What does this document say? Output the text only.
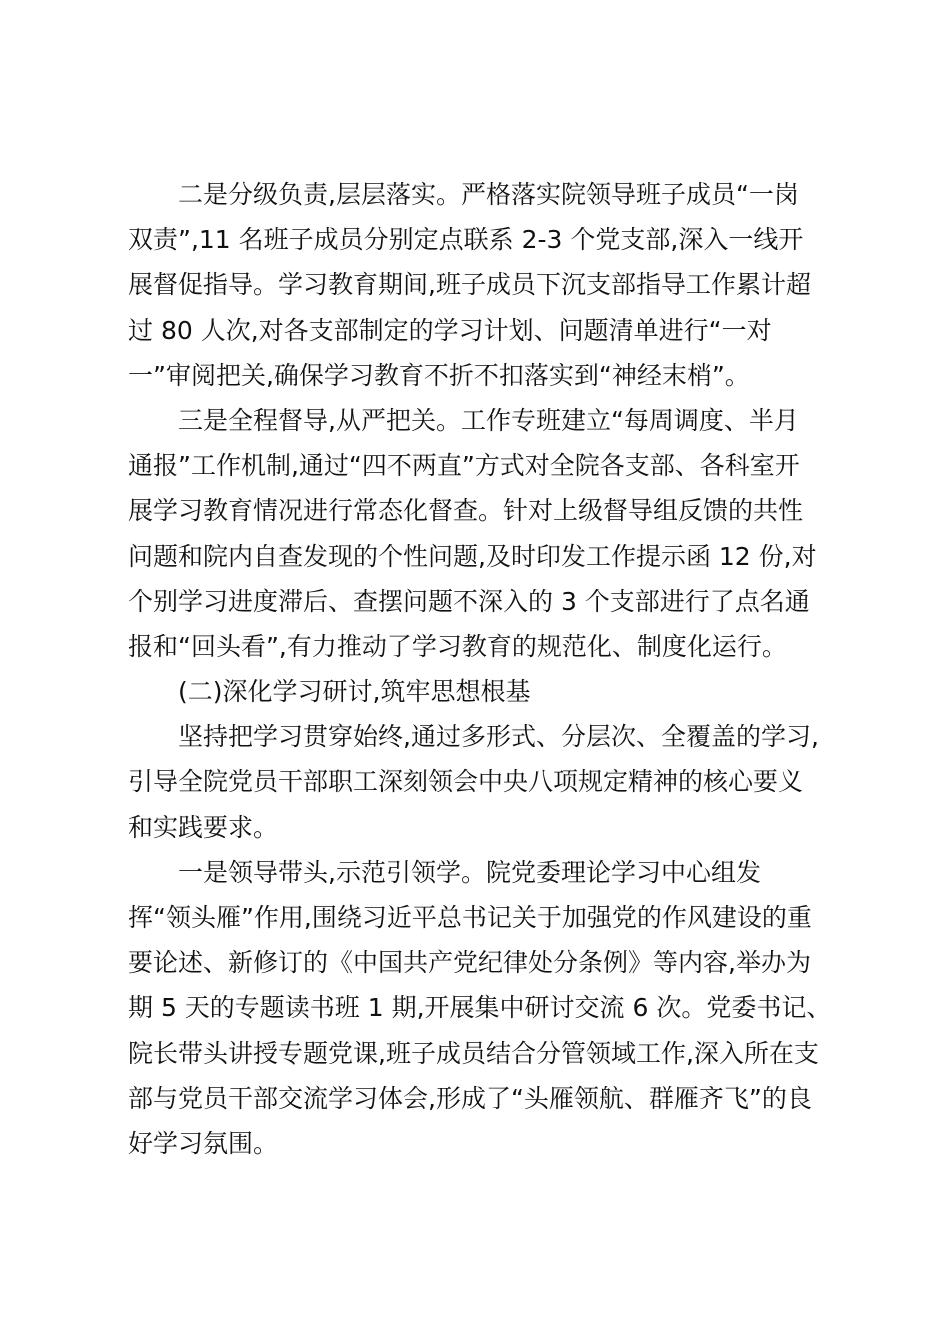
二是分级负责,层层落实。严格落实院领导班子成员“一岗
双责”,11 名班子成员分别定点联系 2-3 个党支部,深入一线开
展督促指导。学习教育期间,班子成员下沉支部指导工作累计超
过 80 人次,对各支部制定的学习计划、问题清单进行“一对
一”审阅把关,确保学习教育不折不扣落实到“神经末梢”。
三是全程督导,从严把关。工作专班建立“每周调度、半月
通报”工作机制,通过“四不两直”方式对全院各支部、各科室开
展学习教育情况进行常态化督查。针对上级督导组反馈的共性
问题和院内自查发现的个性问题,及时印发工作提示函 12 份,对
个别学习进度滞后、查摆问题不深入的 3 个支部进行了点名通
报和“回头看”,有力推动了学习教育的规范化、制度化运行。
(二)深化学习研讨,筑牢思想根基
坚持把学习贯穿始终,通过多形式、分层次、全覆盖的学习,
引导全院党员干部职工深刻领会中央八项规定精神的核心要义
和实践要求。
一是领导带头,示范引领学。院党委理论学习中心组发
挥“领头雁”作用,围绕习近平总书记关于加强党的作风建设的重
要论述、新修订的《中国共产党纪律处分条例》等内容,举办为
期 5 天的专题读书班 1 期,开展集中研讨交流 6 次。党委书记、
院长带头讲授专题党课,班子成员结合分管领域工作,深入所在支
部与党员干部交流学习体会,形成了“头雁领航、群雁齐飞”的良
好学习氛围。
